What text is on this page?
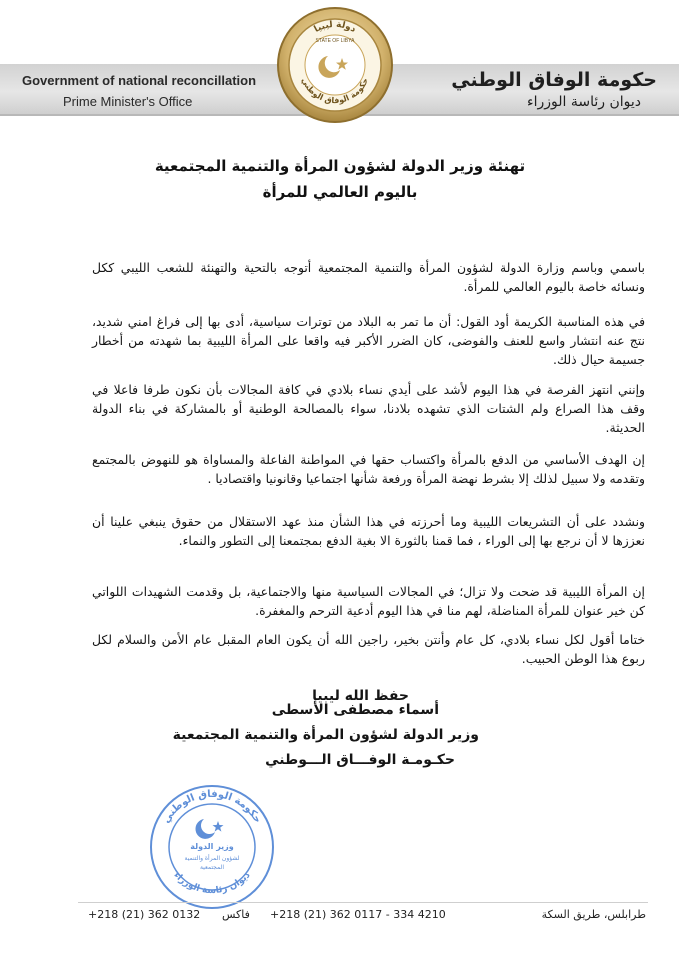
Government of national reconcillation
Prime Minister's Office
حكومة الوفاق الوطني
ديوان رئاسة الوزراء
دولة ليبيا
STATE OF LIBYA
حكومة الوفاق الوطني
تهنئة وزير الدولة لشؤون المرأة والتنمية المجتمعية
باليوم العالمي للمرأة

باسمي وباسم وزارة الدولة لشؤون المرأة والتنمية المجتمعية أتوجه بالتحية والتهنئة للشعب الليبي ككل ونسائه خاصة باليوم العالمي للمرأة.

في هذه المناسبة الكريمة أود القول: أن ما تمر به البلاد من توترات سياسية، أدى بها إلى فراغ امني شديد، نتج عنه انتشار واسع للعنف والفوضى، كان الضرر الأكبر فيه واقعا على المرأة الليبية بما شهدته من أخطار جسيمة حيال ذلك.

وإنني انتهز الفرصة في هذا اليوم لأشد على أيدي نساء بلادي في كافة المجالات بأن نكون طرفا فاعلا في وقف هذا الصراع ولم الشتات الذي تشهده بلادنا، سواء بالمصالحة الوطنية أو بالمشاركة في بناء الدولة الحديثة.

إن الهدف الأساسي من الدفع بالمرأة واكتساب حقها في المواطنة الفاعلة والمساواة هو للنهوض بالمجتمع وتقدمه ولا سبيل لذلك إلا بشرط نهضة المرأة ورفعة شأنها اجتماعيا وقانونيا واقتصاديا .

ونشدد على أن التشريعات الليبية وما أحرزته في هذا الشأن منذ عهد الاستقلال من حقوق ينبغي علينا أن نعززها لا أن نرجع بها إلى الوراء ، فما قمنا بالثورة الا بغية الدفع بمجتمعنا إلى التطور والنماء.

إن المرأة الليبية قد ضحت ولا تزال؛ في المجالات السياسية منها والاجتماعية، بل وقدمت الشهيدات اللواتي كن خير عنوان للمرأة المناضلة، لهم منا في هذا اليوم أدعية الترحم والمغفرة.

ختاما أقول لكل نساء بلادي، كل عام وأنتن بخير، راجين الله أن يكون العام المقبل عام الأمن والسلام لكل ربوع هذا الوطن الحبيب.

حفظ الله ليبيا
أسماء مصطفى الأسطى
وزير الدولة لشؤون المرأة والتنمية المجتمعية
حكـومـة الوفـــاق الـــوطني
حكومة الوفاق الوطني
ديوان رئاسة الوزراء
وزير الدولة
لشؤون المرأة والتنمية
المجتمعية
طرابلس، طريق السكة
+218 (21) 362 0117 - 334 4210
فاكس
+218 (21) 362 0132
